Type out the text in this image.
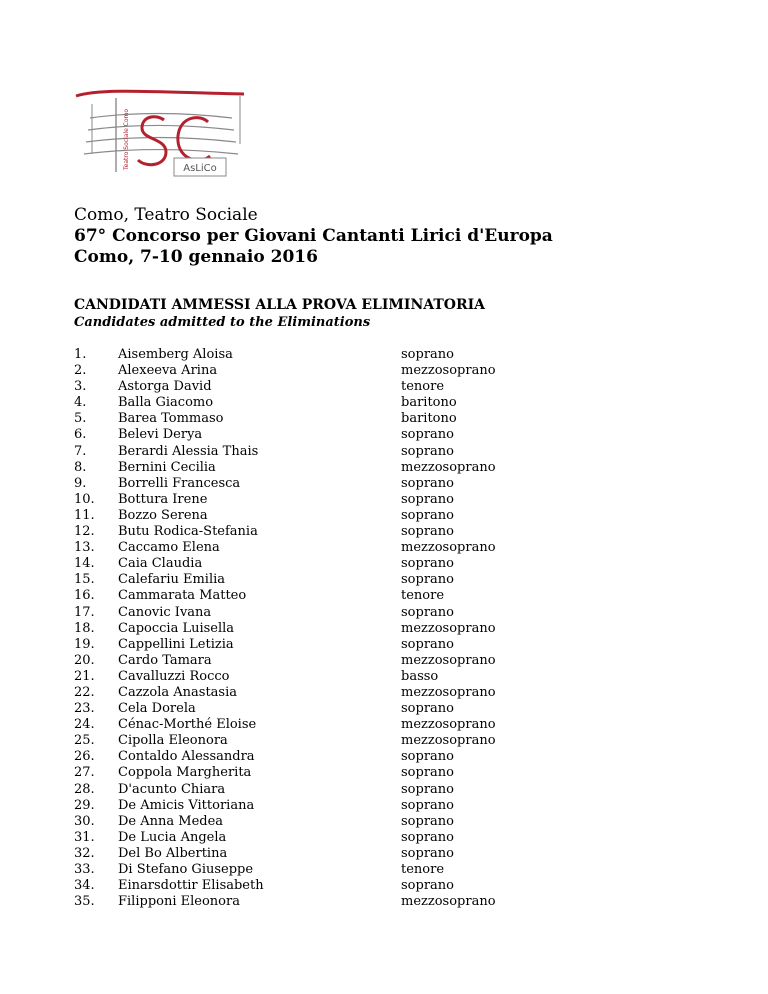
AsLiCo
Teatro Sociale Como
Como, Teatro Sociale
67° Concorso per Giovani Cantanti Lirici d'Europa
Como, 7-10 gennaio 2016
CANDIDATI AMMESSI ALLA PROVA ELIMINATORIA
Candidates admitted to the Eliminations
1. Aisemberg Aloisa	soprano
2. Alexeeva Arina	mezzosoprano
3. Astorga David	tenore
4. Balla Giacomo	baritono
5. Barea Tommaso	baritono
6. Belevi Derya	soprano
7. Berardi Alessia Thais	soprano
8. Bernini Cecilia	mezzosoprano
9. Borrelli Francesca	soprano
10. Bottura Irene	soprano
11. Bozzo Serena	soprano
12. Butu Rodica-Stefania	soprano
13. Caccamo Elena	mezzosoprano
14. Caia Claudia	soprano
15. Calefariu Emilia	soprano
16. Cammarata Matteo	tenore
17. Canovic Ivana	soprano
18. Capoccia Luisella	mezzosoprano
19. Cappellini Letizia	soprano
20. Cardo Tamara	mezzosoprano
21. Cavalluzzi Rocco	basso
22. Cazzola Anastasia	mezzosoprano
23. Cela Dorela	soprano
24. Cénac-Morthé Eloise	mezzosoprano
25. Cipolla Eleonora	mezzosoprano
26. Contaldo Alessandra	soprano
27. Coppola Margherita	soprano
28. D'acunto Chiara	soprano
29. De Amicis Vittoriana	soprano
30. De Anna Medea	soprano
31. De Lucia Angela	soprano
32. Del Bo Albertina	soprano
33. Di Stefano Giuseppe	tenore
34. Einarsdottir Elisabeth	soprano
35. Filipponi Eleonora	mezzosoprano
